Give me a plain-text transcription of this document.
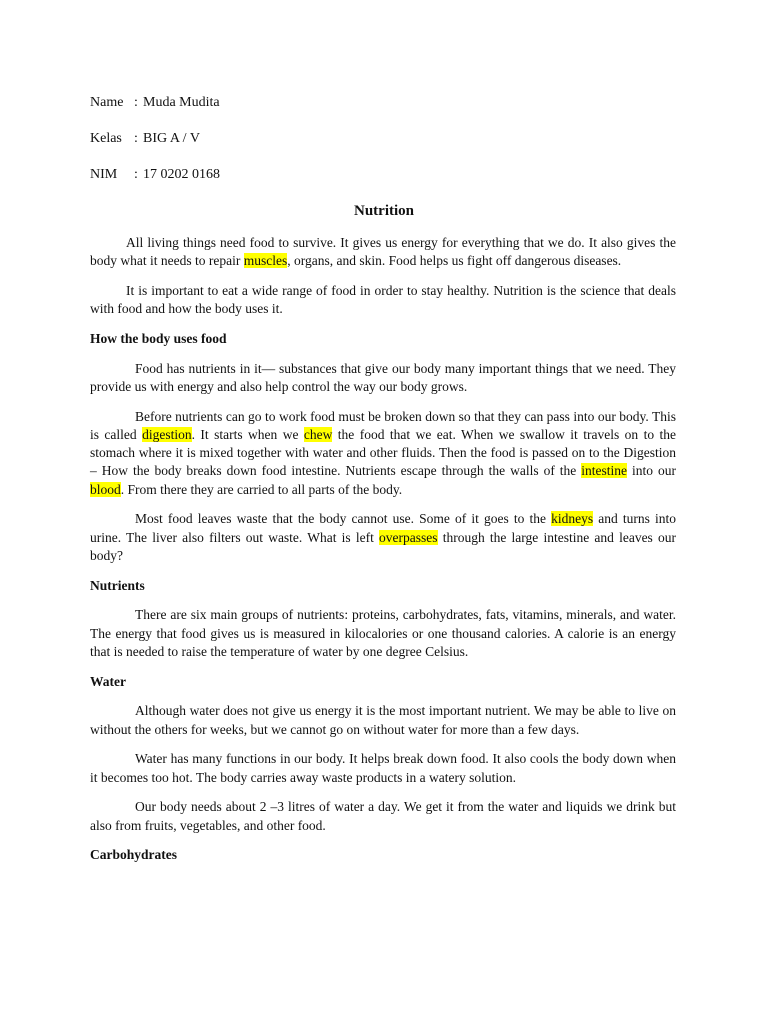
Name : Muda Mudita
Kelas : BIG A / V
NIM : 17 0202 0168
Nutrition

All living things need food to survive. It gives us energy for everything that we do. It also gives the body what it needs to repair muscles, organs, and skin. Food helps us fight off dangerous diseases.

It is important to eat a wide range of food in order to stay healthy. Nutrition is the science that deals with food and how the body uses it.

How the body uses food

Food has nutrients in it— substances that give our body many important things that we need. They provide us with energy and also help control the way our body grows.

Before nutrients can go to work food must be broken down so that they can pass into our body. This is called digestion. It starts when we chew the food that we eat. When we swallow it travels on to the stomach where it is mixed together with water and other fluids. Then the food is passed on to the Digestion – How the body breaks down food intestine. Nutrients escape through the walls of the intestine into our blood. From there they are carried to all parts of the body.

Most food leaves waste that the body cannot use. Some of it goes to the kidneys and turns into urine. The liver also filters out waste. What is left overpasses through the large intestine and leaves our body?

Nutrients

There are six main groups of nutrients: proteins, carbohydrates, fats, vitamins, minerals, and water. The energy that food gives us is measured in kilocalories or one thousand calories. A calorie is an energy that is needed to raise the temperature of water by one degree Celsius.

Water

Although water does not give us energy it is the most important nutrient. We may be able to live on without the others for weeks, but we cannot go on without water for more than a few days.

Water has many functions in our body. It helps break down food. It also cools the body down when it becomes too hot. The body carries away waste products in a watery solution.

Our body needs about 2 –3 litres of water a day. We get it from the water and liquids we drink but also from fruits, vegetables, and other food.

Carbohydrates
